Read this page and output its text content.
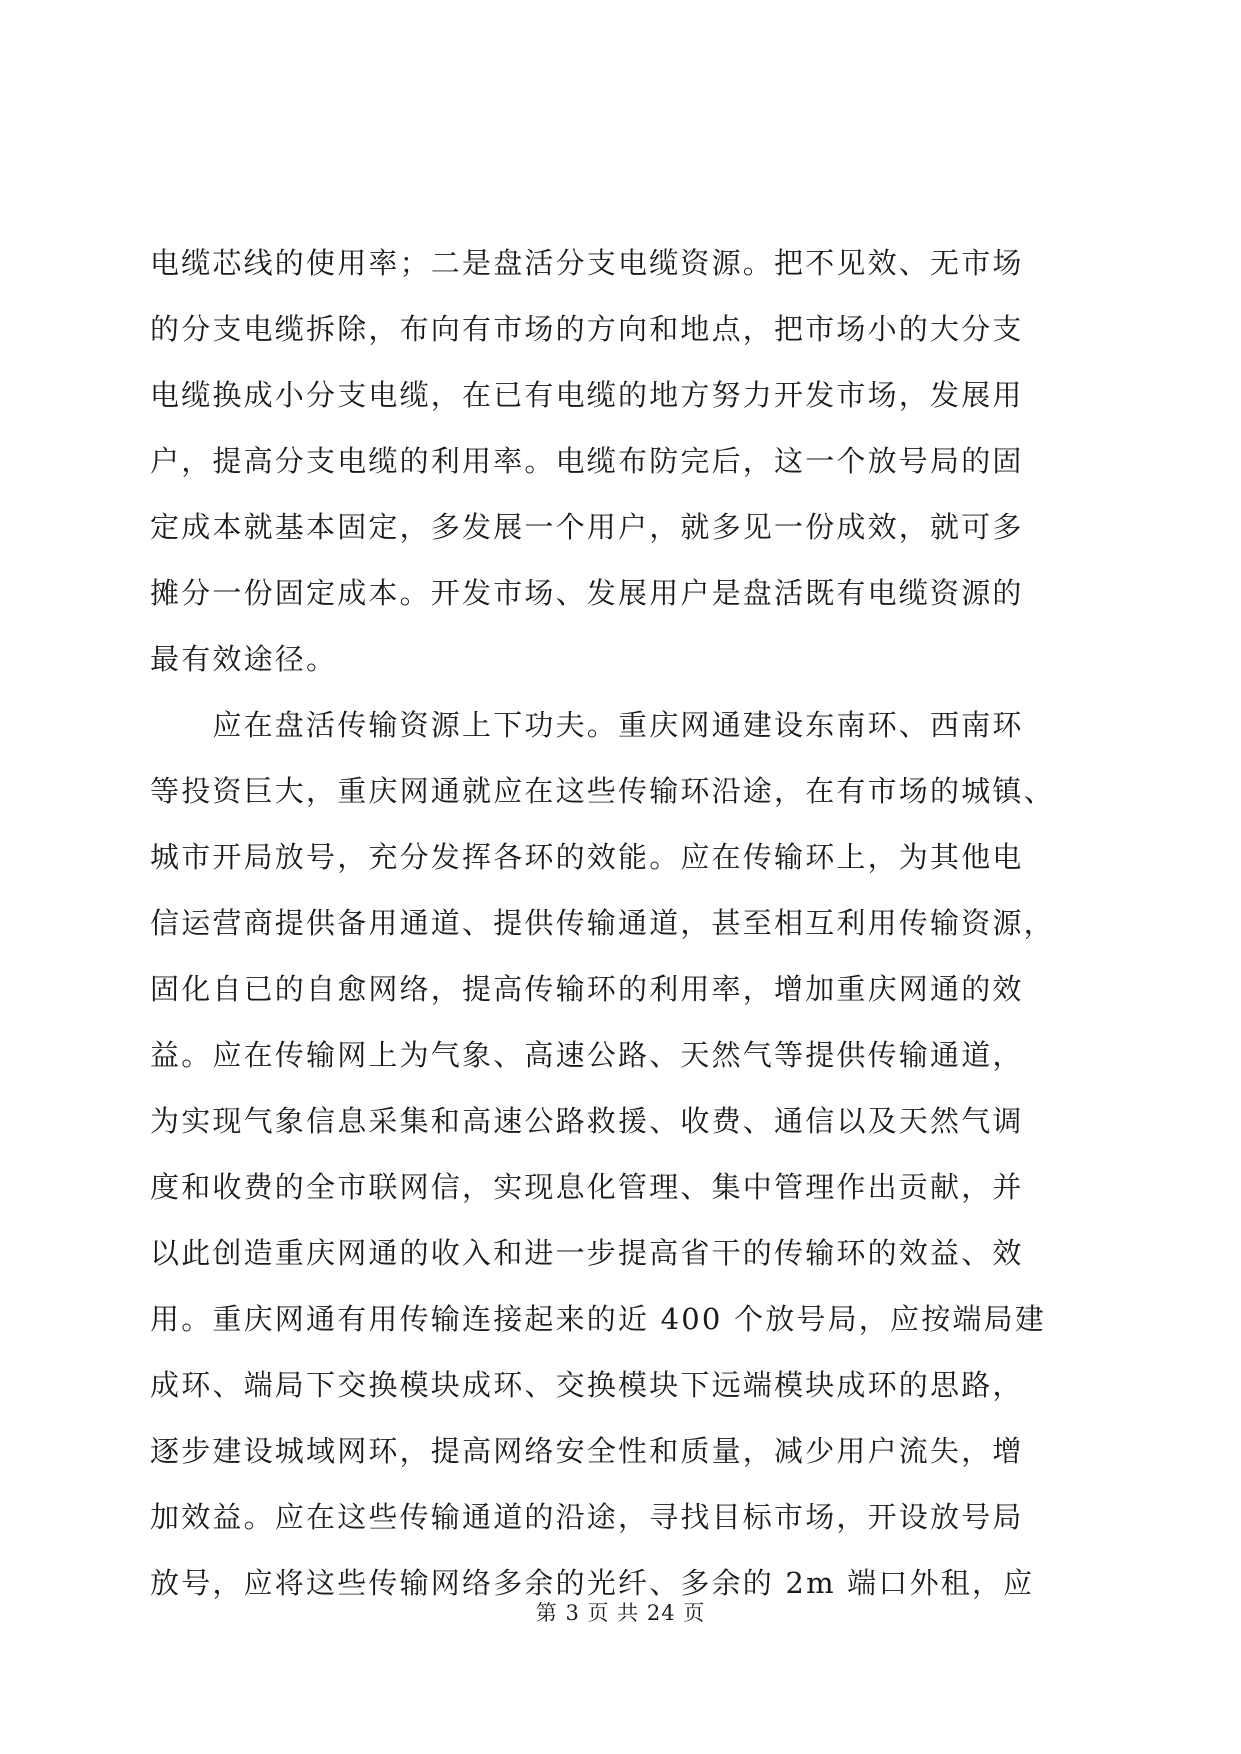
电缆芯线的使用率；二是盘活分支电缆资源。把不见效、无市场
的分支电缆拆除，布向有市场的方向和地点，把市场小的大分支
电缆换成小分支电缆，在已有电缆的地方努力开发市场，发展用
户，提高分支电缆的利用率。电缆布防完后，这一个放号局的固
定成本就基本固定，多发展一个用户，就多见一份成效，就可多
摊分一份固定成本。开发市场、发展用户是盘活既有电缆资源的
最有效途径。
　　应在盘活传输资源上下功夫。重庆网通建设东南环、西南环
等投资巨大，重庆网通就应在这些传输环沿途，在有市场的城镇、
城市开局放号，充分发挥各环的效能。应在传输环上，为其他电
信运营商提供备用通道、提供传输通道，甚至相互利用传输资源，
固化自已的自愈网络，提高传输环的利用率，增加重庆网通的效
益。应在传输网上为气象、高速公路、天然气等提供传输通道，
为实现气象信息采集和高速公路救援、收费、通信以及天然气调
度和收费的全市联网信，实现息化管理、集中管理作出贡献，并
以此创造重庆网通的收入和进一步提高省干的传输环的效益、效
用。重庆网通有用传输连接起来的近 400 个放号局，应按端局建
成环、端局下交换模块成环、交换模块下远端模块成环的思路，
逐步建设城域网环，提高网络安全性和质量，减少用户流失，增
加效益。应在这些传输通道的沿途，寻找目标市场，开设放号局
放号，应将这些传输网络多余的光纤、多余的 2m 端口外租，应
第 3 页 共 24 页
